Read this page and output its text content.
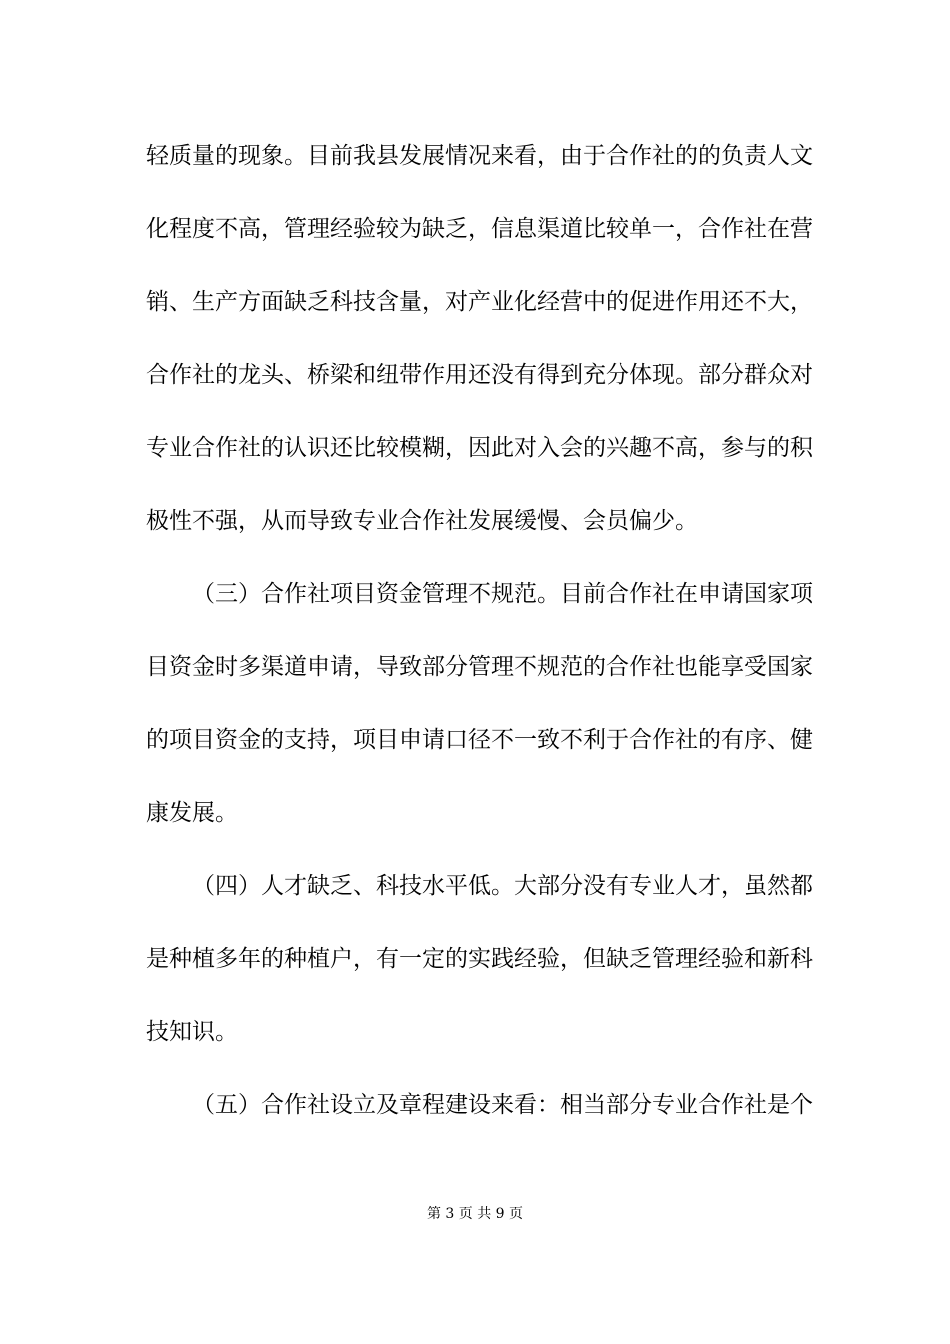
轻质量的现象。目前我县发展情况来看，由于合作社的的负责人文
化程度不高，管理经验较为缺乏，信息渠道比较单一，合作社在营
销、生产方面缺乏科技含量，对产业化经营中的促进作用还不大，
合作社的龙头、桥梁和纽带作用还没有得到充分体现。部分群众对
专业合作社的认识还比较模糊，因此对入会的兴趣不高，参与的积
极性不强，从而导致专业合作社发展缓慢、会员偏少。
（三）合作社项目资金管理不规范。目前合作社在申请国家项
目资金时多渠道申请，导致部分管理不规范的合作社也能享受国家
的项目资金的支持，项目申请口径不一致不利于合作社的有序、健
康发展。
（四）人才缺乏、科技水平低。大部分没有专业人才，虽然都
是种植多年的种植户，有一定的实践经验，但缺乏管理经验和新科
技知识。
（五）合作社设立及章程建设来看：相当部分专业合作社是个
第 3 页 共 9 页
